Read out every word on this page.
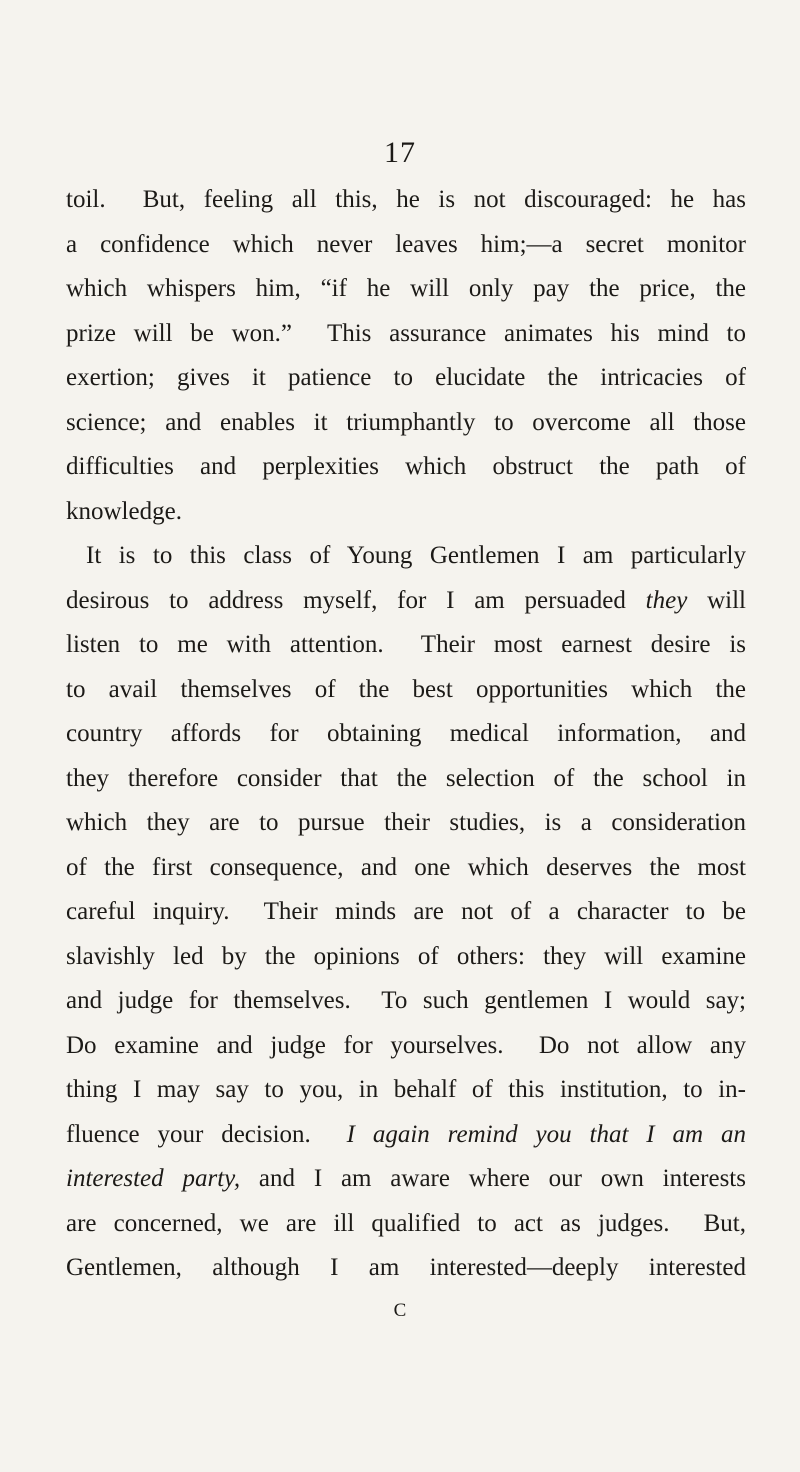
17
toil.  But, feeling all this, he is not discouraged: he has
a confidence which never leaves him;—a secret monitor
which whispers him, “if he will only pay the price, the
prize will be won.”  This assurance animates his mind to
exertion; gives it patience to elucidate the intricacies of
science; and enables it triumphantly to overcome all those
difficulties and perplexities which obstruct the path of
knowledge.
It is to this class of Young Gentlemen I am particularly
desirous to address myself, for I am persuaded they will
listen to me with attention.  Their most earnest desire is
to avail themselves of the best opportunities which the
country affords for obtaining medical information, and
they therefore consider that the selection of the school in
which they are to pursue their studies, is a consideration
of the first consequence, and one which deserves the most
careful inquiry.  Their minds are not of a character to be
slavishly led by the opinions of others: they will examine
and judge for themselves.  To such gentlemen I would say;
Do examine and judge for yourselves.  Do not allow any
thing I may say to you, in behalf of this institution, to in-
fluence your decision.  I again remind you that I am an
interested party, and I am aware where our own interests
are concerned, we are ill qualified to act as judges.  But,
Gentlemen, although I am interested—deeply interested
C
